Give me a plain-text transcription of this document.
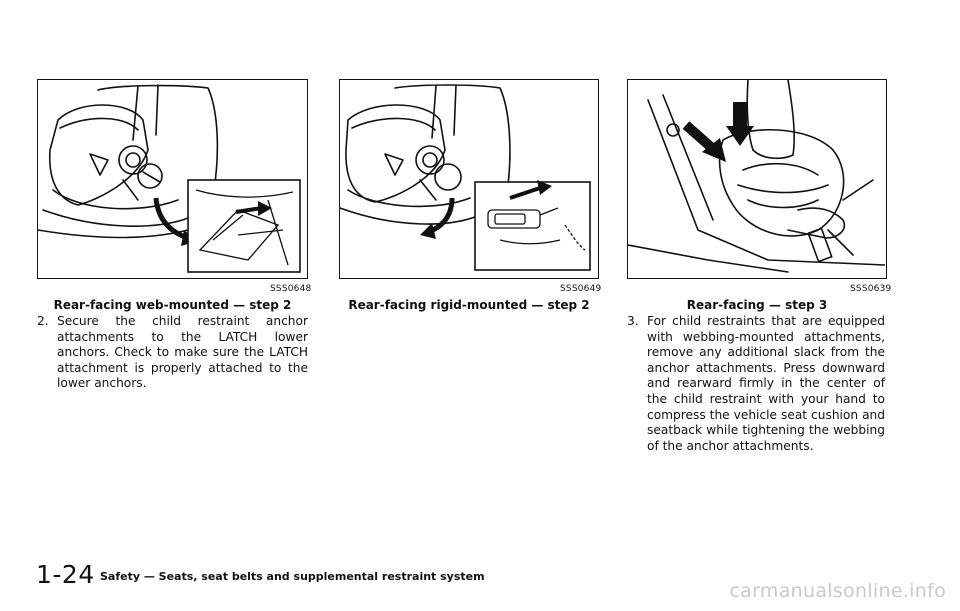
SSS0648
Rear-facing web-mounted — step 2
SSS0649
Rear-facing rigid-mounted — step 2
SSS0639
Rear-facing — step 3
2. Secure the child restraint anchor attachments to the LATCH lower anchors. Check to make sure the LATCH attachment is properly attached to the lower anchors.
3. For child restraints that are equipped with webbing-mounted attachments, remove any additional slack from the anchor attachments. Press downward and rearward firmly in the center of the child restraint with your hand to compress the vehicle seat cushion and seatback while tightening the webbing of the anchor attachments.
1-24 Safety — Seats, seat belts and supplemental restraint system
carmanualsonline.info
